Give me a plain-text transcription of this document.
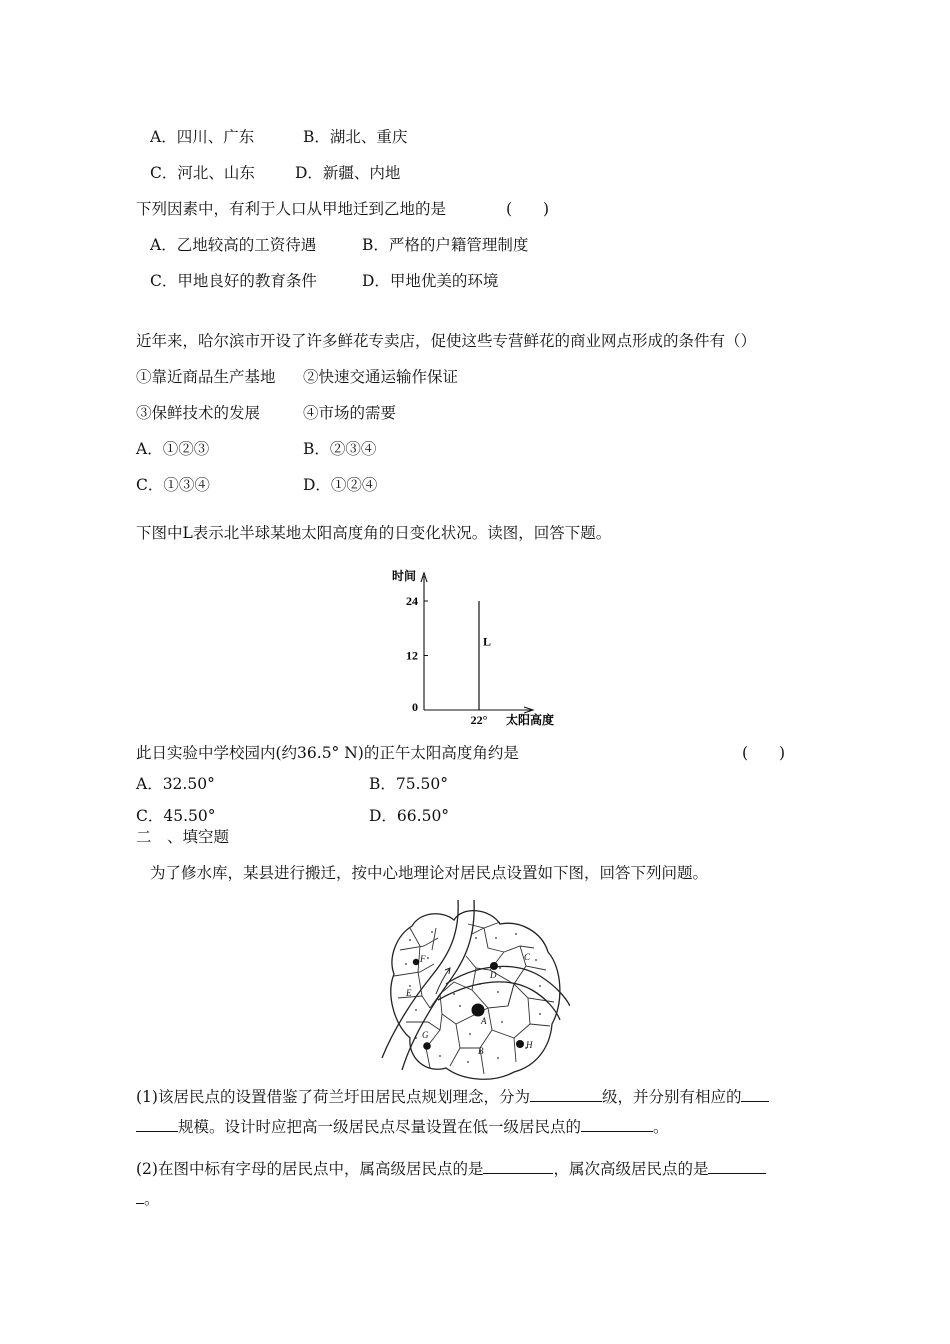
A．四川、广东	B．湖北、重庆
C．河北、山东	D．新疆、内地
下列因素中，有利于人口从甲地迁到乙地的是	(　　)
A．乙地较高的工资待遇	B．严格的户籍管理制度
C．甲地良好的教育条件	D．甲地优美的环境
近年来，哈尔滨市开设了许多鲜花专卖店，促使这些专营鲜花的商业网点形成的条件有（）
①靠近商品生产基地 ②快速交通运输作保证
③保鲜技术的发展	④市场的需要
A．①②③	B．②③④
C．①③④	D．①②④
下图中L表示北半球某地太阳高度角的日变化状况。读图，回答下题。
时间
太阳高度
0
12
24
22°
L
此日实验中学校园内(约36.5° N)的正午太阳高度角约是	(　　)
A．32.50°	B．75.50°
C．45.50°	D．66.50°
二　、填空题
为了修水库，某县进行搬迁，按中心地理论对居民点设置如下图，回答下列问题。
F
D
C
E
A
G
B
H
(1)该居民点的设置借鉴了荷兰圩田居民点规划理念，分为	级，并分别有相应的
规模。设计时应把高一级居民点尽量设置在低一级居民点的	。
(2)在图中标有字母的居民点中，属高级居民点的是	，属次高级居民点的是
。
